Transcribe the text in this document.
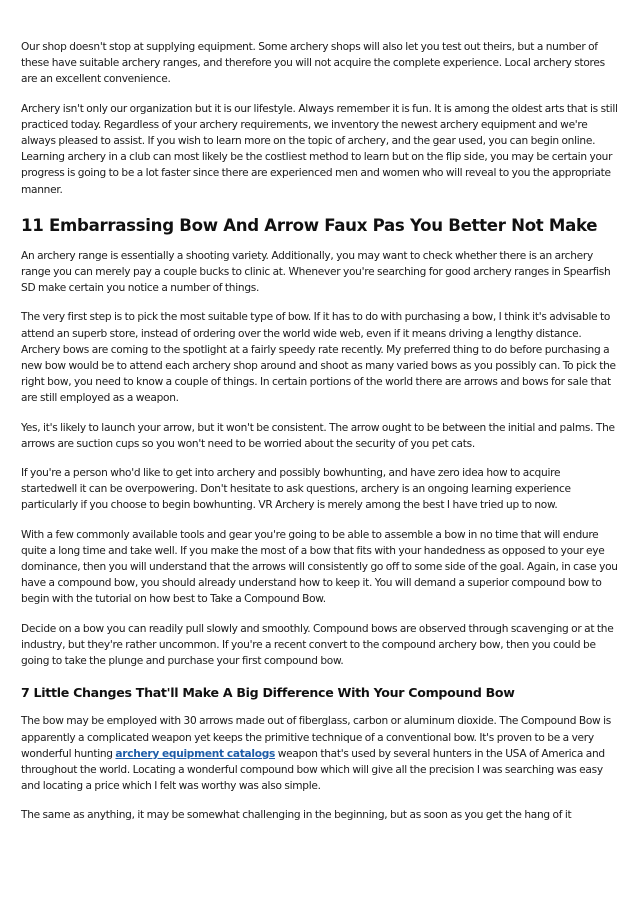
Our shop doesn't stop at supplying equipment. Some archery shops will also let you test out theirs, but a number of these have suitable archery ranges, and therefore you will not acquire the complete experience. Local archery stores are an excellent convenience.

Archery isn't only our organization but it is our lifestyle. Always remember it is fun. It is among the oldest arts that is still practiced today. Regardless of your archery requirements, we inventory the newest archery equipment and we're always pleased to assist. If you wish to learn more on the topic of archery, and the gear used, you can begin online. Learning archery in a club can most likely be the costliest method to learn but on the flip side, you may be certain your progress is going to be a lot faster since there are experienced men and women who will reveal to you the appropriate manner.

11 Embarrassing Bow And Arrow Faux Pas You Better Not Make

An archery range is essentially a shooting variety. Additionally, you may want to check whether there is an archery range you can merely pay a couple bucks to clinic at. Whenever you're searching for good archery ranges in Spearfish SD make certain you notice a number of things.

The very first step is to pick the most suitable type of bow. If it has to do with purchasing a bow, I think it's advisable to attend an superb store, instead of ordering over the world wide web, even if it means driving a lengthy distance. Archery bows are coming to the spotlight at a fairly speedy rate recently. My preferred thing to do before purchasing a new bow would be to attend each archery shop around and shoot as many varied bows as you possibly can. To pick the right bow, you need to know a couple of things. In certain portions of the world there are arrows and bows for sale that are still employed as a weapon.

Yes, it's likely to launch your arrow, but it won't be consistent. The arrow ought to be between the initial and palms. The arrows are suction cups so you won't need to be worried about the security of you pet cats.

If you're a person who'd like to get into archery and possibly bowhunting, and have zero idea how to acquire startedwell it can be overpowering. Don't hesitate to ask questions, archery is an ongoing learning experience particularly if you choose to begin bowhunting. VR Archery is merely among the best I have tried up to now.

With a few commonly available tools and gear you're going to be able to assemble a bow in no time that will endure quite a long time and take well. If you make the most of a bow that fits with your handedness as opposed to your eye dominance, then you will understand that the arrows will consistently go off to some side of the goal. Again, in case you have a compound bow, you should already understand how to keep it. You will demand a superior compound bow to begin with the tutorial on how best to Take a Compound Bow.

Decide on a bow you can readily pull slowly and smoothly. Compound bows are observed through scavenging or at the industry, but they're rather uncommon. If you're a recent convert to the compound archery bow, then you could be going to take the plunge and purchase your first compound bow.

7 Little Changes That'll Make A Big Difference With Your Compound Bow

The bow may be employed with 30 arrows made out of fiberglass, carbon or aluminum dioxide. The Compound Bow is apparently a complicated weapon yet keeps the primitive technique of a conventional bow. It's proven to be a very wonderful hunting archery equipment catalogs weapon that's used by several hunters in the USA of America and throughout the world. Locating a wonderful compound bow which will give all the precision I was searching was easy and locating a price which I felt was worthy was also simple.

The same as anything, it may be somewhat challenging in the beginning, but as soon as you get the hang of it
